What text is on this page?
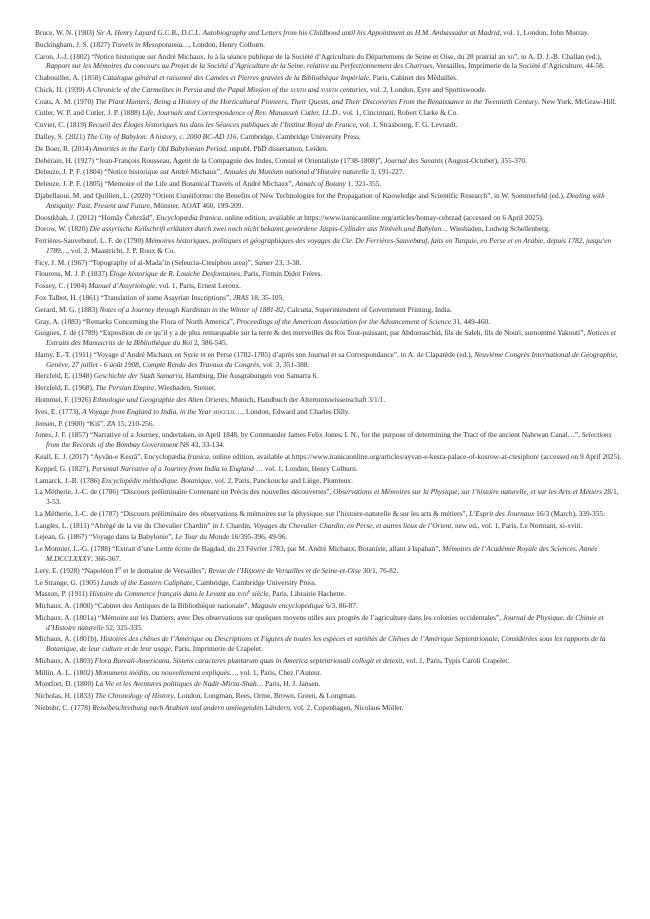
Bruce, W. N. (1903) Sir A. Henry Layard G.C.B., D.C.L. Autobiography and Letters from his Childhood until his Appointment as H.M. Ambassador at Madrid, vol. 1, London, John Murray.

Buckingham, J. S. (1827) Travels in Mesopotamia…, London, Henry Colburn.

Caron, J.-J. (1802) “Notice historique sur André Michaux, lu à la séance publique de la Société d’Agriculture du Départemens de Seine et Oise, du 28 prairial an xii”, in A. D. J.-B. Challan (ed.), Rapport sur les Mémoires du concours au Projet de la Société d’Agriculture de la Seine, relative au Perfectionnement des Charrues, Versailles, Imprimerie de la Société d’Agriculture, 44-58.

Chabouillet, A. (1858) Catalogue général et raisonné des Camées et Pierres gravées de la Bibliothèque Impériale, Paris, Cabinet des Médailles.

Chick, H. (1939) A Chronicle of the Carmelites in Persia and the Papal Mission of the xviith and xviiith centuries, vol. 2, London, Eyre and Spottiswoode.

Coats, A. M. (1970) The Plant Hunters; Being a History of the Horticultural Pioneers, Their Quests, and Their Discoveries From the Renaissance to the Twentieth Century, New York, McGraw-Hill.

Cutler, W. P. and Cutler, J. P. (1888) Life, Journals and Correspondence of Rev. Manasseh Cutler, LL.D., vol. 1, Cincinnati, Robert Clarke & Co.

Cuvier, C. (1819) Recueil des Éloges historiques lus dans les Séances publiques de l’Institut Royal de France, vol. 1, Strasbourg, F. G. Levrault.

Dalley, S. (2021) The City of Babylon: A history, c. 2000 BC-AD 116, Cambridge, Cambridge University Press.

De Boer, R. (2014) Amorites in the Early Old Babylonian Period, unpubl. PhD dissertation, Leiden.

Dehérain, H. (1927) “Jean-François Rousseau, Agent de la Compagnie des Indes, Consul et Orientaliste (1738-1808)”, Journal des Savants (August-October), 355-370.

Deleuze, J. P. F. (1804) “Notice historique sur André Michaux”, Annales du Muséum national d’Histoire naturelle 3, 191-227.

Deleuze, J. P. F. (1805) “Memoire of the Life and Botanical Travels of André Michaux”, Annals of Botany 1, 321-355.

Djabellaoui, M. and Quillien, L. (2020) “Orient Cunéiforme: the Benefits of New Technologies for the Propagation of Knowledge and Scientific Research”, in W. Sommerfeld (ed.), Dealing with Antiquity: Past, Present and Future, Münster, AOAT 460, 199-209.

Doostkhah, J. (2012) “Homāy Čehrzād”, Encyclopædia Iranica, online edition, available at https://www.iranicaonline.org/articles/homay-cehrzad (accessed on 6 April 2025).

Dorow, W. (1820) Die assyrische Keilschrift erläutert durch zwei noch nicht bekannt gewordene Jaspis-Cylinder aus Niniveh und Babylon… Wiesbaden, Ludwig Schellenberg.

Ferrières-Sauvebœuf, L. F. de (1790) Mémoires historiques, politiques et géographiques des voyages du Cte. De Ferrières-Sauvebœuf, faits en Turquie, en Perse et en Arabie, depuis 1782, jusqu’en 1789…, vol. 2, Maastricht, J. P. Roux & Co.

Ficy, J. M. (1967) “Topography of al-Mada’in (Seleucia-Ctesiphon area)”, Sumer 23, 3-38.

Flourens, M. J. P. (1837) Éloge historique de R. Louiche Desfontaines, Paris, Firmin Didot Frères.

Fossey, C. (1904) Manuel d’Assyriologie, vol. 1, Paris, Ernest Leroux.

Fox Talbot, H. (1861) “Translation of some Assyrian Inscriptions”, JRAS 18, 35-105.

Gerard, M. G. (1883) Notes of a Journey through Kurdistan in the Winter of 1881-82, Calcutta, Superintendent of Government Printing, India.

Gray, A. (1883) “Remarks Concerning the Flora of North America”, Proceedings of the American Association for the Advancement of Science 31, 449-460.

Guignes, J. de (1789) “Exposition de ce qu’il y a de plus remarquable sur la terre & des merveilles du Roi Tout-puissant, par Abdorraschid, fils de Saleh, fils de Nouri, surnommé Yakouti”, Notices et Extraits des Manuscrits de la Bibliothèque du Roi 2, 386-545.

Hamy, E.-T. (1911) “Voyage d’André Michaux en Syrie et en Perse (1782-1785) d’après son Journal et sa Correspondance”, in A. de Claparède (ed.), Neuvième Congrès International de Géographie, Genève, 27 juillet - 6 août 1908, Compte Rendu des Travaux du Congrès, vol. 3, 351-388.

Herzfeld, E. (1948) Geschichte der Stadt Samarra, Hamburg, Die Ausgrabungen von Samarra 6.

Herzfeld, E. (1968), The Persian Empire, Wiesbaden, Steiner.

Hommel, F. (1926) Ethnologie und Geographie des Alten Orients, Munich, Handbuch der Altertumswissenschaft 3/1/1.

Ives, E. (1773), A Voyage from England to India, in the Year mdcclix…, London, Edward and Charles Dilly.

Jensen, P. (1900) “Kiš”, ZA 15, 210-256.

Jones, J. F. (1857) “Narrative of a Journey, undertaken, in April 1848, by Commander James Felix Jones, I. N., for the purpose of determining the Tract of the ancient Nahrwan Canal…”, Selections from the Records of the Bombay Government NS 43, 33-134.

Keall, E. J. (2017) “Ayvān-e Kesrā”, Encyclopædia Iranica, online edition, available at https://www.iranicaonline.org/articles/ayvan-e-kesra-palace-of-kosrow-at-ctesiphon/ (accessed on 9 April 2025).

Keppel, G. (1827), Personal Narrative of a Journey from India to England … vol. 1, London, Henry Colburn.

Lamarck, J.-B. (1786) Encyclopédie méthodique. Botanique, vol. 2, Paris, Panckoucke and Liège, Plomteux.

La Métherie, J.-C. de (1786) “Discours préliminaire Contenant un Précis des nouvelles découvertes”, Observations et Mémoires sur la Physique, sur l’histoire naturelle, et sur les Arts et Métiers 28/1, 3-53.

La Métherie, J.-C. de (1787) “Discours préliminaire des observations & mémoires sur la physique, sur l’histoire-naturelle & sur les arts & métiers”, L’Esprit des Journaux 16/3 (March), 339-355.

Langlès, L. (1811) “Abrégé de la vie du Chevalier Chardin” in J. Chardin, Voyages du Chevalier Chardin, en Perse, et autres lieux de l’Orient, new ed., vol. 1, Paris, Le Normant, xi-xviii.

Lejean, G. (1867) “Voyage dans la Babylonie”, Le Tour du Monde 16/395-396, 49-96.

Le Monnier, L.-G. (1788) “Extrait d’une Lettre écrite de Bagdad, du 23 Février 1783, par M. André Michaux, Botaniste, allant à Ispahan”, Mémoires de l’Académie Royale des Sciences. Année M.DCCLXXXV, 366-367.

Lery, E. (1928) “Napoléon Ier et le domaine de Versailles”, Revue de l’Histoire de Versailles et de Seine-et-Oise 30/1, 76-82.

Le Strange, G. (1905) Lands of the Eastern Caliphate, Cambridge, Cambridge University Press.

Masson, P. (1911) Histoire du Commerce français dans le Levant au xviii$^e$ siècle, Paris, Librairie Hachette.

Michaux, A. (1800) “Cabinet des Antiques de la Bibliothèque nationale”, Magasin encyclopédique 6/3, 86-87.

Michaux, A. (1801a) “Mémoire sur les Dattiers, avec Des observations sur quelques moyens utiles aux progrès de l’agriculture dans les colonies occidentales”, Journal de Physique, de Chimie et d’Histoire naturelle 52, 325-335.

Michaux, A. (1801b), Histoires des chênes de l’Amérique ou Descriptions et Figures de toutes les espèces et variétés de Chênes de l’Amérique Septentrionale, Considérées sous les rapports de la Botanique, de leur culture et de leur usage, Paris, Imprimerie de Crapelet.

Michaux, A. (1803) Flora Boreali-Americana, Sistens caracteres plantarum quas in America septentrionali collegit et detexit, vol. 1, Paris, Typis Caroli Crapelet.

Millin, A. L. (1802) Monumens inédits, ou nouvellement expliqués…, vol. 1, Paris, Chez l’Auteur.

Montfort, D. (1800) La Vie et les Aventures politiques de Nadir-Mirza-Shah… Paris, H. J. Jansen.

Nicholas, H. (1833) The Chronology of History, London, Longman, Rees, Orme, Brown, Green, & Longman.

Niebuhr, C. (1778) Reisebeschreibung nach Arabien und andern umliegenden Ländern, vol. 2, Copenhagen, Nicolaus Möller.
